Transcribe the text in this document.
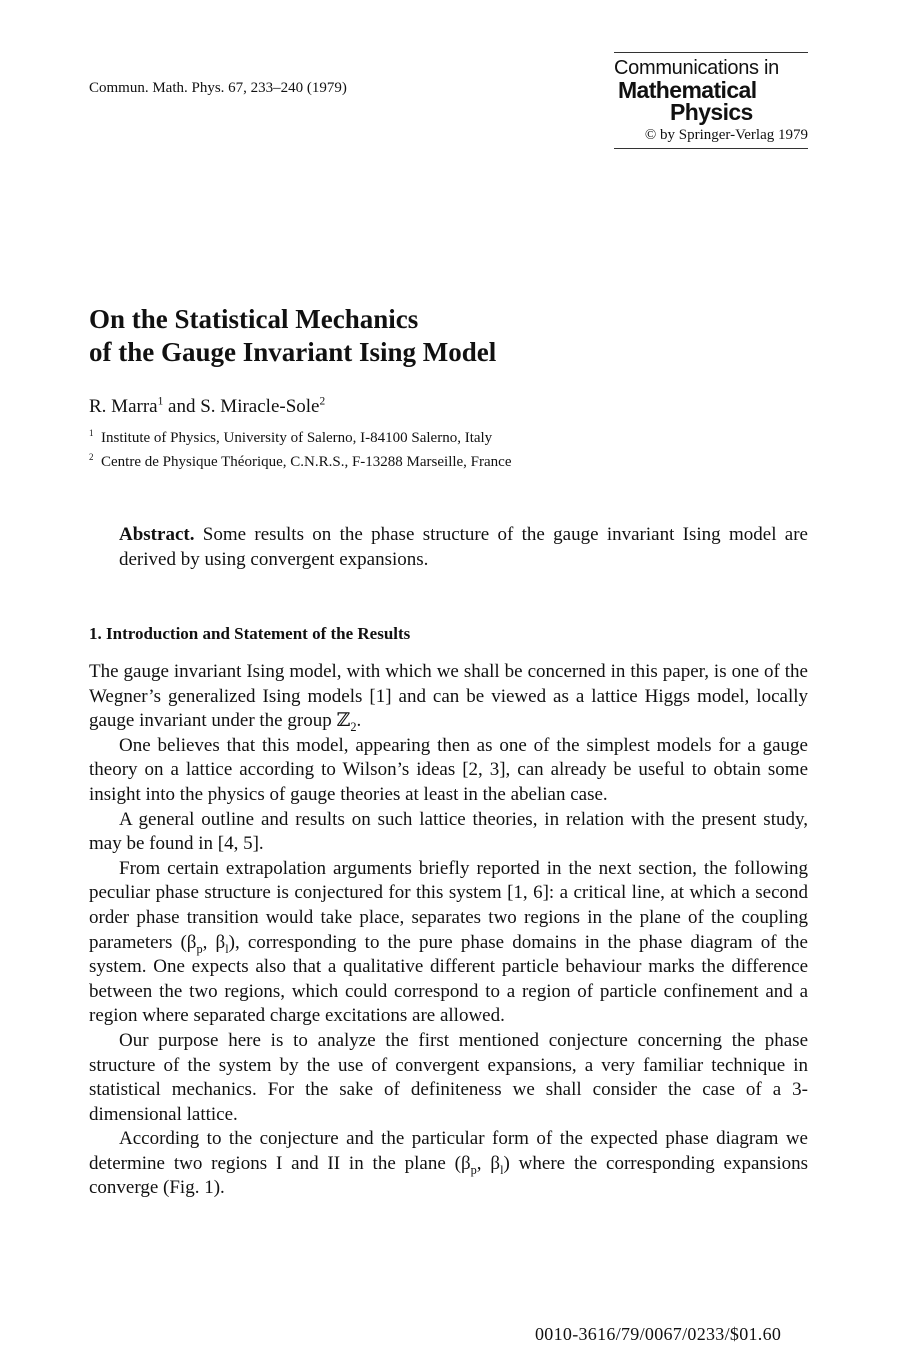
Commun. Math. Phys. 67, 233–240 (1979)
Communications in
Mathematical
Physics
© by Springer-Verlag 1979
On the Statistical Mechanics
of the Gauge Invariant Ising Model
R. Marra$^1$ and S. Miracle-Sole$^2$
$^1$ Institute of Physics, University of Salerno, I-84100 Salerno, Italy
$^2$ Centre de Physique Théorique, C.N.R.S., F-13288 Marseille, France
Abstract. Some results on the phase structure of the gauge invariant Ising model are derived by using convergent expansions.
1. Introduction and Statement of the Results

The gauge invariant Ising model, with which we shall be concerned in this paper, is one of the Wegner’s generalized Ising models [1] and can be viewed as a lattice Higgs model, locally gauge invariant under the group ℤ$_2$.

One believes that this model, appearing then as one of the simplest models for a gauge theory on a lattice according to Wilson’s ideas [2, 3], can already be useful to obtain some insight into the physics of gauge theories at least in the abelian case.

A general outline and results on such lattice theories, in relation with the present study, may be found in [4, 5].

From certain extrapolation arguments briefly reported in the next section, the following peculiar phase structure is conjectured for this system [1, 6]: a critical line, at which a second order phase transition would take place, separates two regions in the plane of the coupling parameters ($\beta_p$, $\beta_l$), corresponding to the pure phase domains in the phase diagram of the system. One expects also that a qualitative different particle behaviour marks the difference between the two regions, which could correspond to a region of particle confinement and a region where separated charge excitations are allowed.

Our purpose here is to analyze the first mentioned conjecture concerning the phase structure of the system by the use of convergent expansions, a very familiar technique in statistical mechanics. For the sake of definiteness we shall consider the case of a 3-dimensional lattice.

According to the conjecture and the particular form of the expected phase diagram we determine two regions I and II in the plane ($\beta_p$, $\beta_l$) where the corresponding expansions converge (Fig. 1).

0010-3616/79/0067/0233/$01.60
